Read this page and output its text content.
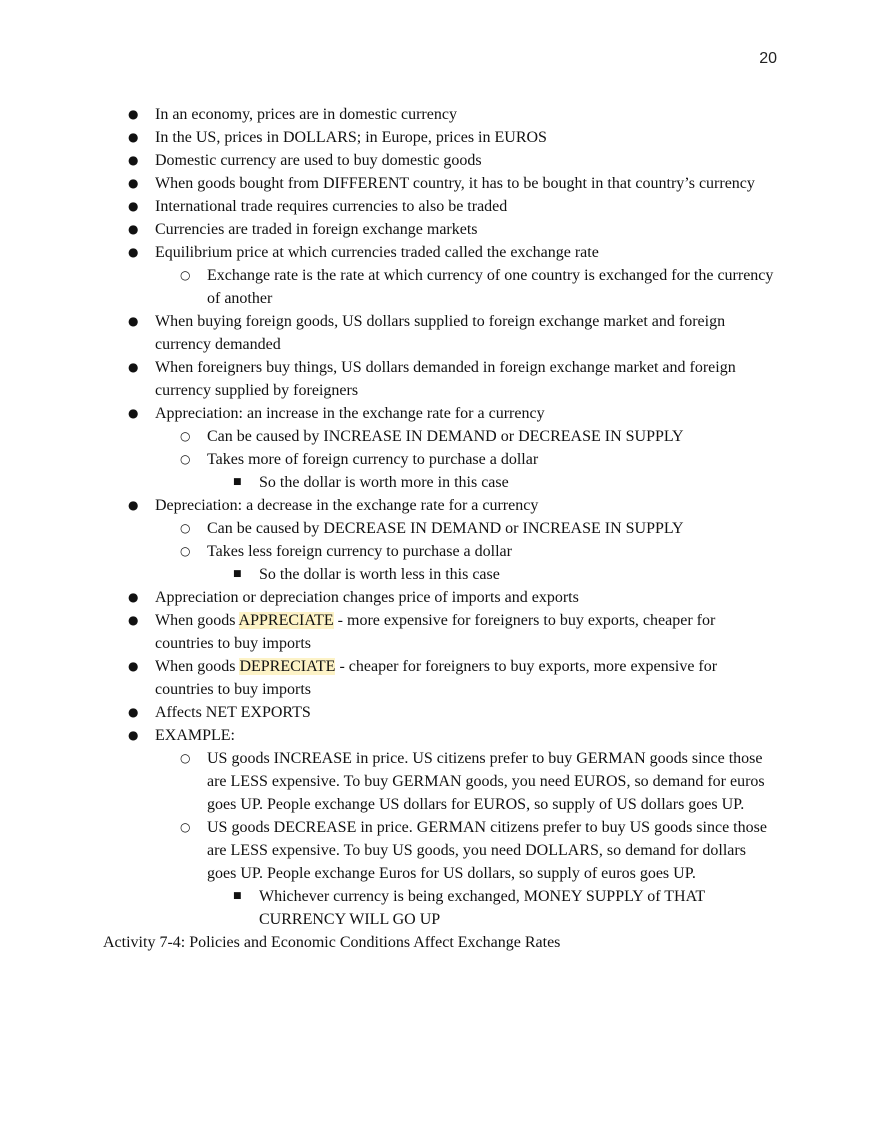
20
● In an economy, prices are in domestic currency
● In the US, prices in DOLLARS; in Europe, prices in EUROS
● Domestic currency are used to buy domestic goods
● When goods bought from DIFFERENT country, it has to be bought in that country’s currency
● International trade requires currencies to also be traded
● Currencies are traded in foreign exchange markets
● Equilibrium price at which currencies traded called the exchange rate
○ Exchange rate is the rate at which currency of one country is exchanged for the currency of another
● When buying foreign goods, US dollars supplied to foreign exchange market and foreign currency demanded
● When foreigners buy things, US dollars demanded in foreign exchange market and foreign currency supplied by foreigners
● Appreciation: an increase in the exchange rate for a currency
○ Can be caused by INCREASE IN DEMAND or DECREASE IN SUPPLY
○ Takes more of foreign currency to purchase a dollar
■ So the dollar is worth more in this case
● Depreciation: a decrease in the exchange rate for a currency
○ Can be caused by DECREASE IN DEMAND or INCREASE IN SUPPLY
○ Takes less foreign currency to purchase a dollar
■ So the dollar is worth less in this case
● Appreciation or depreciation changes price of imports and exports
● When goods APPRECIATE - more expensive for foreigners to buy exports, cheaper for countries to buy imports
● When goods DEPRECIATE - cheaper for foreigners to buy exports, more expensive for countries to buy imports
● Affects NET EXPORTS
● EXAMPLE:
○ US goods INCREASE in price. US citizens prefer to buy GERMAN goods since those are LESS expensive. To buy GERMAN goods, you need EUROS, so demand for euros goes UP. People exchange US dollars for EUROS, so supply of US dollars goes UP.
○ US goods DECREASE in price. GERMAN citizens prefer to buy US goods since those are LESS expensive. To buy US goods, you need DOLLARS, so demand for dollars goes UP. People exchange Euros for US dollars, so supply of euros goes UP.
■ Whichever currency is being exchanged, MONEY SUPPLY of THAT CURRENCY WILL GO UP
Activity 7-4: Policies and Economic Conditions Affect Exchange Rates
